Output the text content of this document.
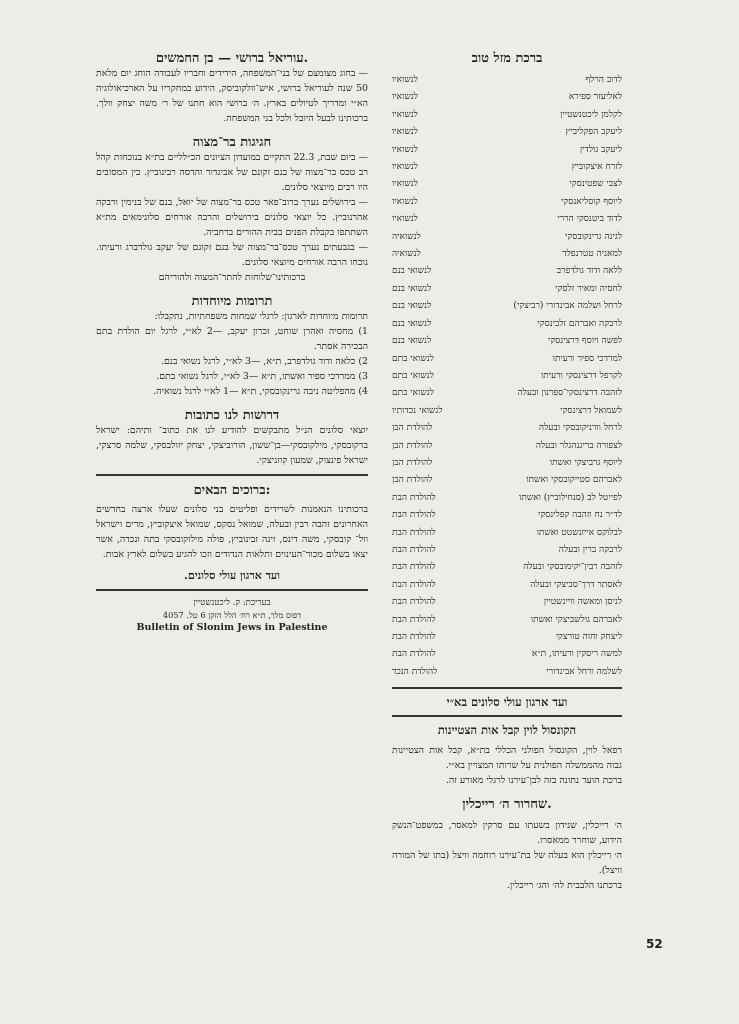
עוריאל ברושי — בן החמשים.

— בחוג מצומצם של בני־המשפחה, הידידים וחבריו לעבודה הוחג יום מלאת 50 שנה לעוריאל ברושי, איש־וולקוביסק, הידוע במחקריו על הארכיאולוגיה הא״י ומדריך לטיולים בארץ. ה׳ ברושי הוא חתנו של ר׳ משה יצחק וולך. ברכותינו לבעל היובל ולכל בני המשפחה.

חגיגות בר־מצוה

— ביום שבת, 22.3 התקיים במועדון הציונים הכ״לליים בת״א בנוכחות קהל רב טכס בר־מצוה של בנם זקונם של אביגדור והדסה רבינוביץ. בין המסובים היו רבים מיוצאי סלונים.

— בירושלים נערך ברוב־פאר טכס בר־מצוה של יואל, בנם של בנימין ורבקה אהרנוביץ. כל יוצאי סלונים בירושלים והרבה אורחים סלונימאים מת״א השתתפו בקבלת הפנים בבית ההורים ברחביה.

— בגבעתים נערך טכס־בר־מצוה של בנם זקונם של יעקב גולדברג ורעיתו. נוכחו הרבה אורחים מיוצאי סלונים.

ברכותינו־שלוחות להתר־המצוה ולהוריהם

תרומות מיוחדות

תרומות מיוחדות לארגון: לרגלי שמחות משפחתיות, נתקבלו:

1) מחסיה ואהרן שוחט, זכרון יעקב, —2 לא״י, לרגל יום הולדת בתם הבכירה אסתר.

2) כלאה ודוד גולדפרב, ת״א, —3 לא״י, לרגל נשואי בנם.

3) ממרדכי ספיר ואשתו, ת״א —3 לא״י, לרגל נשואי בתם.

4) מהפליטה ניבה גרינקובסקי, ת״א —1 לא״י לרגל נשואיה.

דרושות לנו כתובות

יוצאי סלונים הנ״ל מתבקשים להודיע לנו את כתוב־ ותיהם: ישראל ברקובסקי, מילקובסקי—בן־ששון, הורוביצקי, יצחק יזולבסקי, שלמה סרצקי, ישראל פינצוק, שמעון קוזניצקי.

ברוכים הבאים:

ברכותינו הנאמנות לשרידים ופליטים בני סלונים שעלו ארצה בחדשים האחרונים זהבה רבין ובעלה, שמואל נסקס, שמואל איצקוביץ, מרים וישראל וול־ קובסקי, משה דינס, זינה זבינוביץ, פולה מילוקובסקי בתה ונכדה, אשר יצאו בשלום מכור־העינוים ותלאות הנדודים וזכו להגיע בשלום לארץ אבות.

ועד ארגון עולי סלונים.

בעריכת: ק. ליכטנשטיין

דפוס מלך, ת״א רח׳ הלל הזקן 6 טל. 4057

Bulletin of Slonim Jews in Palestine

ברכת מזל טוב
לדוב הרלף
לנשואיו
לאליעזר ספירא
לנשואיו
לקלמן ליכטנשטיין
לנשואיו
ליעקב הפקליביץ
לנשואיו
ליעקב גולדין
לנשואיו
לזרח איצקוביץ
לנשואיו
לצבי שפטינסקי
לנשואיו
ליוסף קוסליאנסקי
לנשואיו
לדוד ביטנסקי הררי
לנשואיו
לגינה גרינקובסקי
לנשואיה
למאניה טטרנפלד
לנשואיה
ללאה ודוד גולדפרב
לנשואי בנם
לחסיה ומאיר זלסקי
לנשואי בנם
לרחל ושלמה אבינדורי (רביצקי)
לנשואי בנם
לרבקה ואברהם זלבינסקי
לנשואי בנם
לפשה ויוסף דרצינסקי
לנשואי בנם
למרדכי ספיר ורעיתו
לנשואי בתם
לקרפל דרצינסקי ורעיתו
לנשואי בתם
לזהבה דרצינסקי־ספרנון ובעלה
לנשואי בתם
לשמואל דרצינסקי
לנשואי נכדותיו
לרחל וורניקובסקי ובעלה
להולדת הבן
לצפורה בריגנהגלר ובעלה
להולדת הבן
ליוסף גרביצקי ואשתו
להולדת הבן
לאברהם סטייקובסקי ואשתו
להולדת הבן
לפייטל לב (סנחילוביץ) ואשתו
להולדת הבת
לד״ר נח וזהבה קפלינסקי
להולדת הבת
לבלוקס אייזנשטט ואשתו
להולדת הבת
לרבקה ברין ובעלה
להולדת הבת
לזהבה רבין־יקימובסקי ובעלה
להולדת הבת
לאסתר דרך־סביצקי ובעלה
להולדת הבת
לניסן ומאשה וויינשטיין
להולדת הבת
לאברהם גולשביצקי ואשתו
להולדת הבת
ליצחק וחוה טורצקי
להולדת הבת
למשה ריסקין ורעיתו, ת״א
להולדת הבת
לשלמה ורחל אבינדורי
להולדת הנכד
ועד ארגון עולי סלונים בא״י
הקונסול לוין קבל אות הצטיינות

רפאל לוין, הקונסול הפולני הכללי בת״א, קבל אות הצטיינות גבוה מהממשלה הפולנית על שרותו המצויין בא״י.

ברכת הועד נתונה בזה לבן־עירנו לרגלי מאורע זה.

שחרור ה׳ רייכלין.

ה׳ רייכלין, שנידון בשעתו עם סרקין למאסר, במשפט־הנשק הידוע, שוחרר ממאסרו.

ה׳ רייכלין הוא בעלה של בת־עירנו רוחמה וויצל (בתו של המורה וויצל).

ברכתנו הלבבית לה׳ והג׳ רייכלין.

52
